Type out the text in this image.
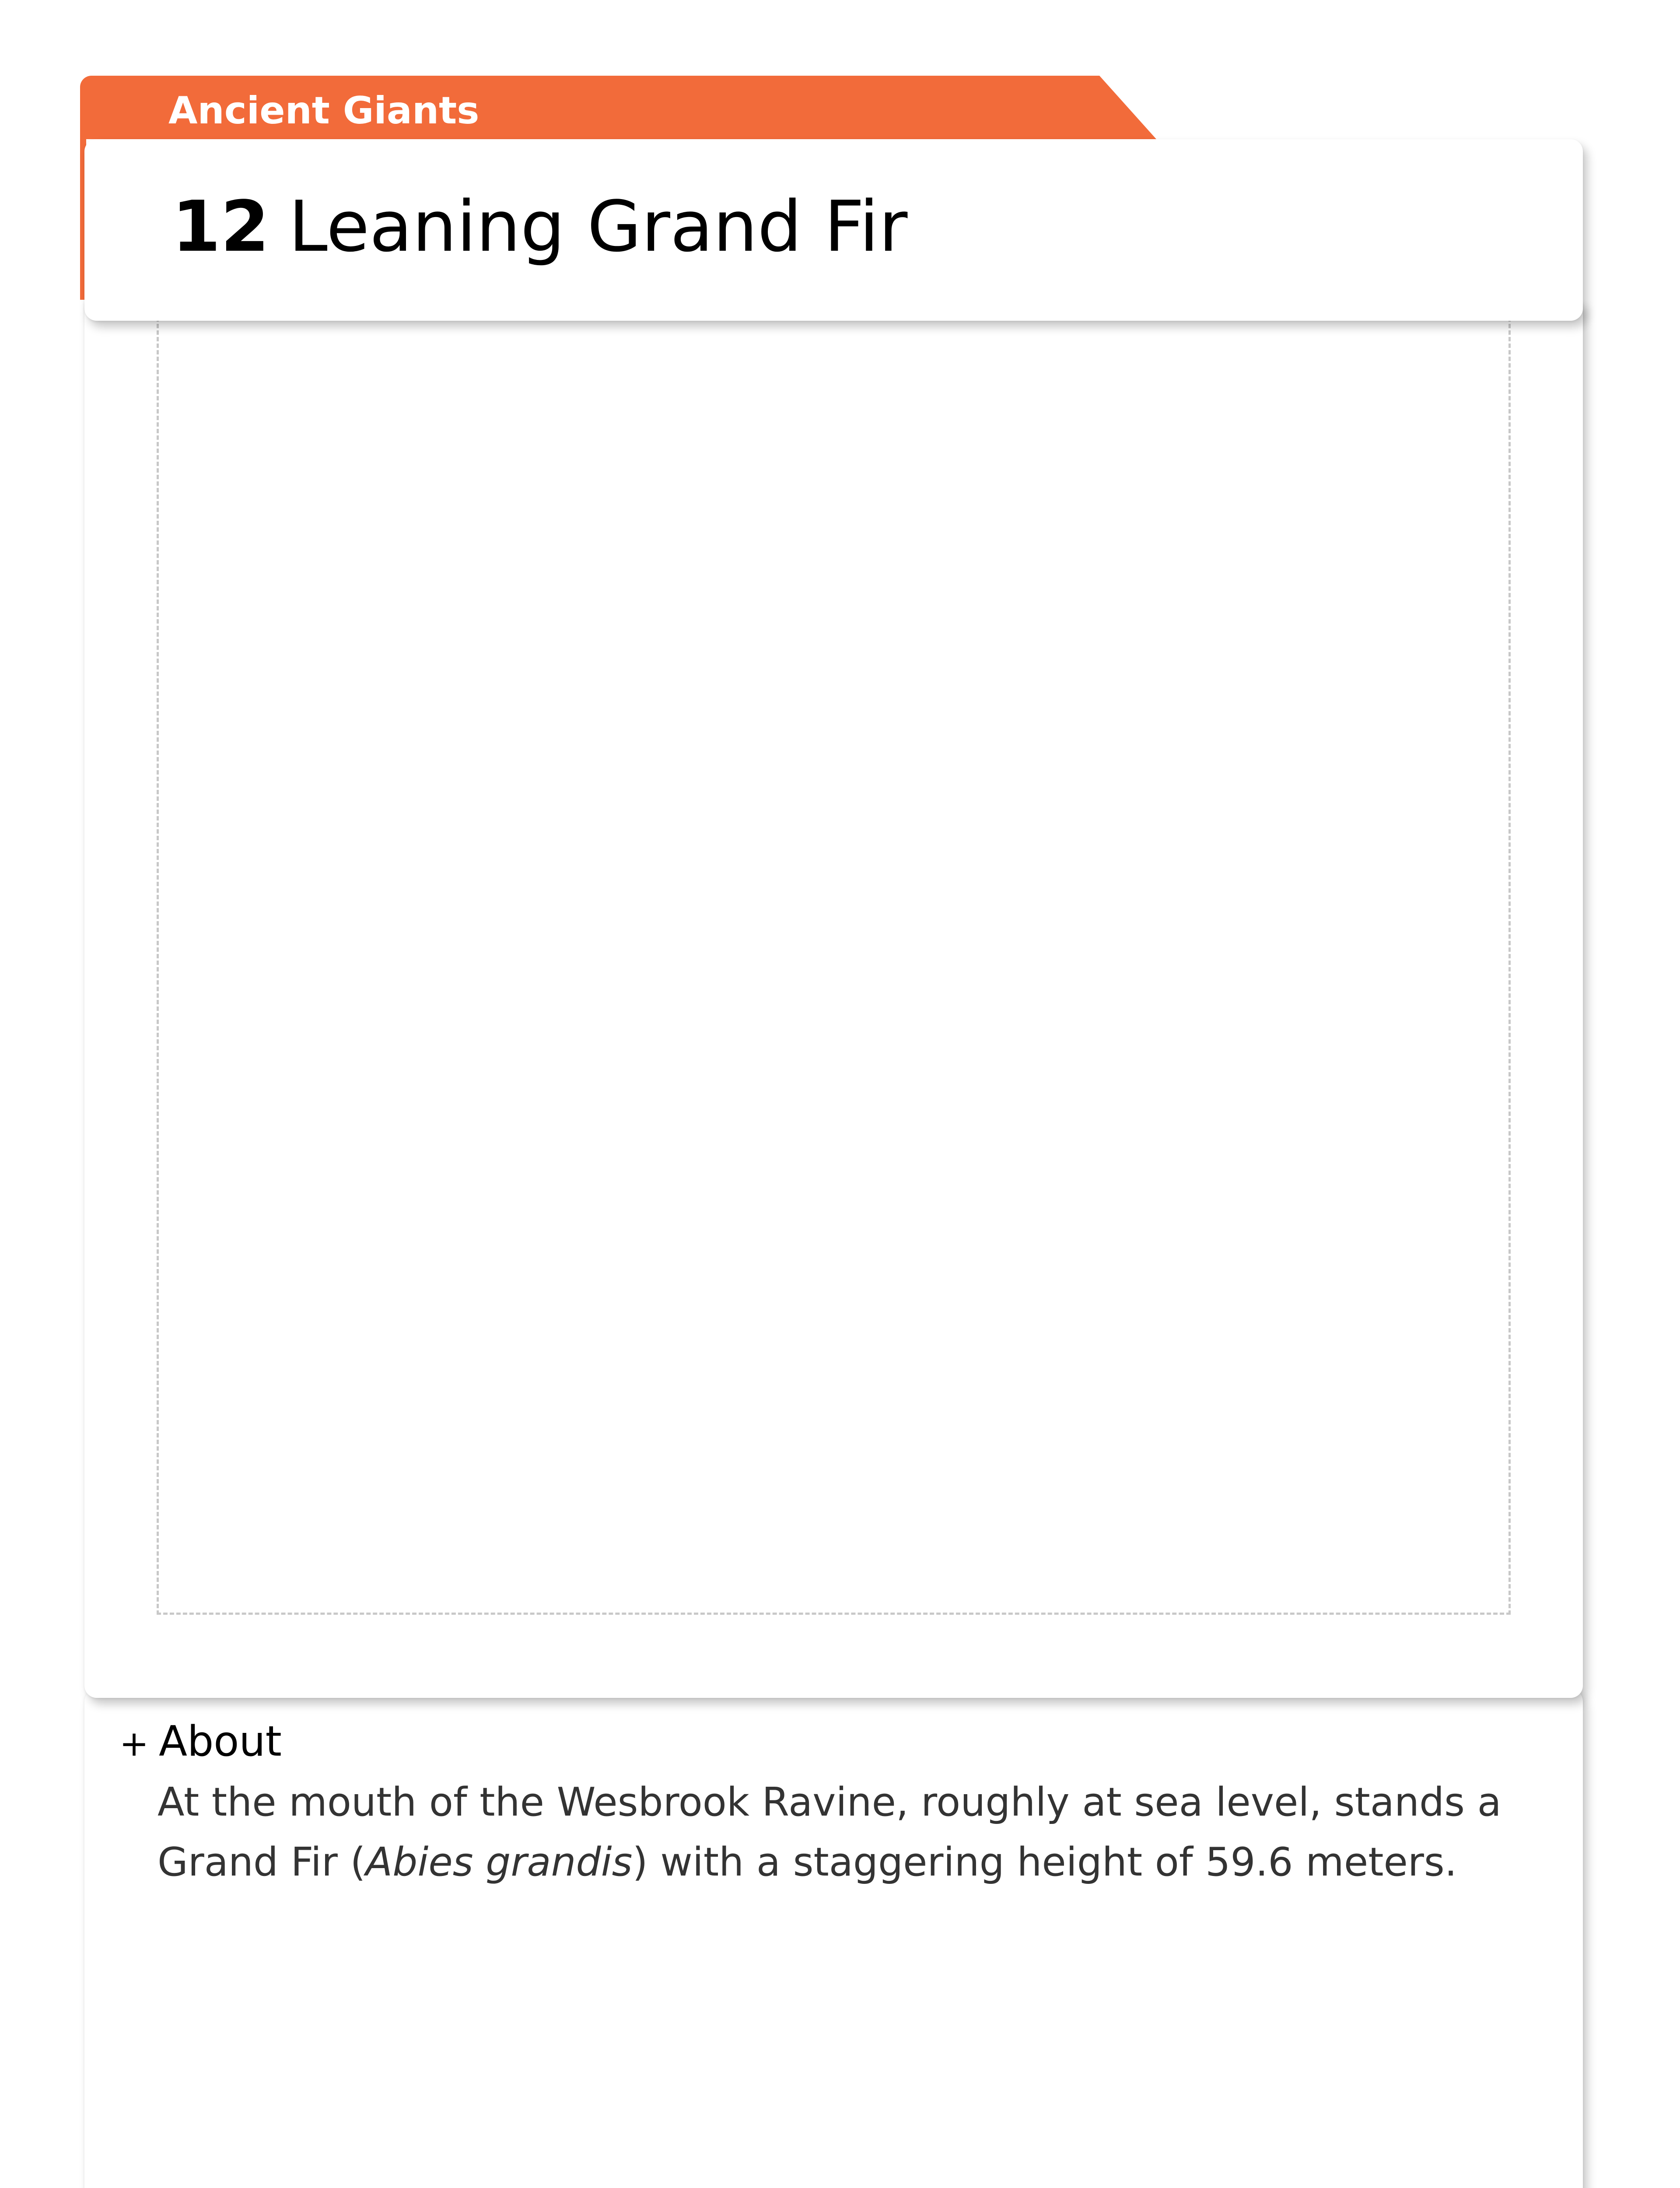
Ancient Giants
12 Leaning Grand Fir
+ About
At the mouth of the Wesbrook Ravine, roughly at sea level, stands a Grand Fir (Abies grandis) with a staggering height of 59.6 meters.
